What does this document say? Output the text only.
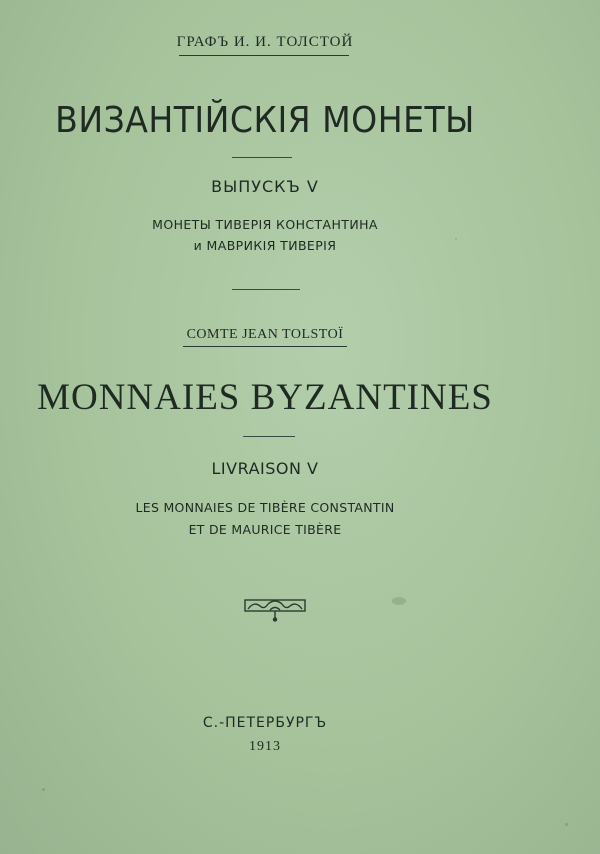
ГРАФЪ И. И. ТОЛСТОЙ
ВИЗАНТІЙСКІЯ МОНЕТЫ
ВЫПУСКЪ V
МОНЕТЫ ТИВЕРІЯ КОНСТАНТИНА
и МАВРИКІЯ ТИВЕРІЯ
COMTE JEAN TOLSTOÏ
MONNAIES BYZANTINES
LIVRAISON V
LES MONNAIES DE TIBÈRE CONSTANTIN
ET DE MAURICE TIBÈRE
С.-ПЕТЕРБУРГЪ
1913
